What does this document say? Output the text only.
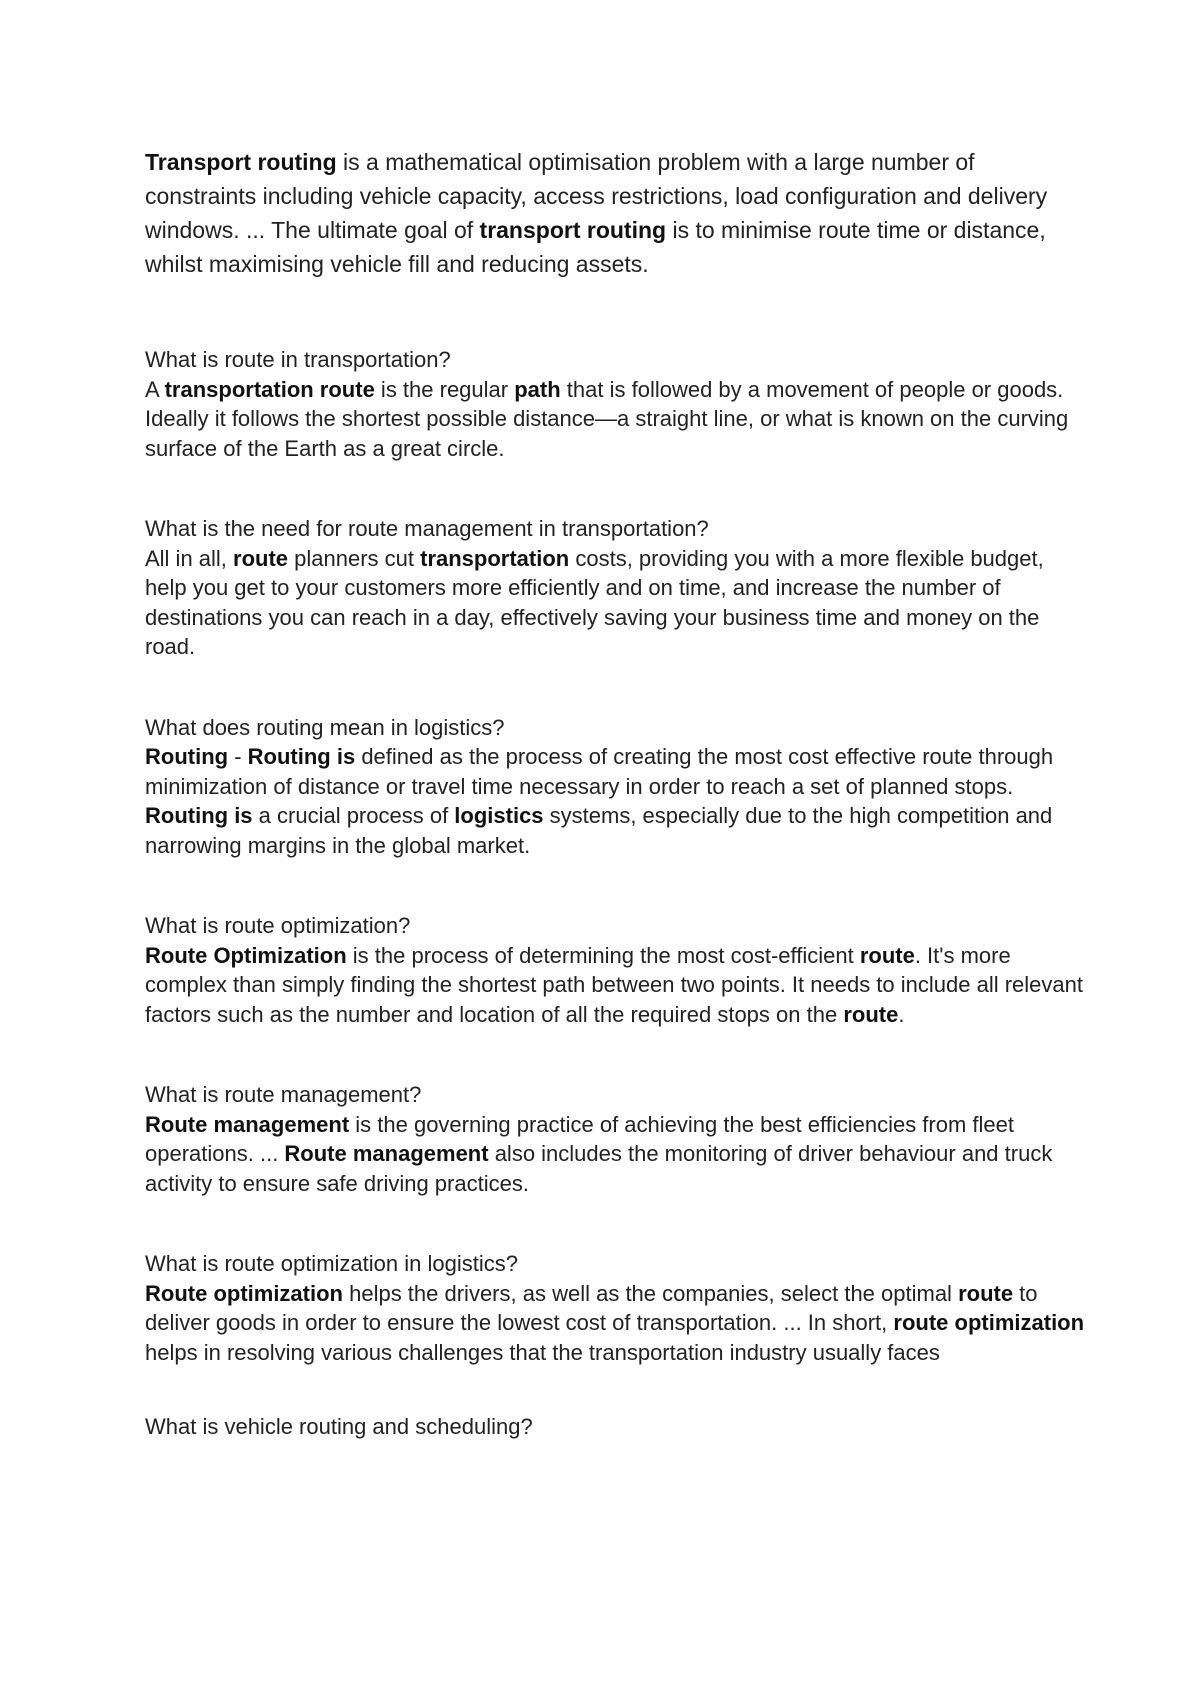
Transport routing is a mathematical optimisation problem with a large number of constraints including vehicle capacity, access restrictions, load configuration and delivery windows. ... The ultimate goal of transport routing is to minimise route time or distance, whilst maximising vehicle fill and reducing assets.

What is route in transportation?

A transportation route is the regular path that is followed by a movement of people or goods. Ideally it follows the shortest possible distance—a straight line, or what is known on the curving surface of the Earth as a great circle.

What is the need for route management in transportation?

All in all, route planners cut transportation costs, providing you with a more flexible budget, help you get to your customers more efficiently and on time, and increase the number of destinations you can reach in a day, effectively saving your business time and money on the road.

What does routing mean in logistics?

Routing - Routing is defined as the process of creating the most cost effective route through minimization of distance or travel time necessary in order to reach a set of planned stops. Routing is a crucial process of logistics systems, especially due to the high competition and narrowing margins in the global market.

What is route optimization?

Route Optimization is the process of determining the most cost-efficient route. It's more complex than simply finding the shortest path between two points. It needs to include all relevant factors such as the number and location of all the required stops on the route.

What is route management?

Route management is the governing practice of achieving the best efficiencies from fleet operations. ... Route management also includes the monitoring of driver behaviour and truck activity to ensure safe driving practices.

What is route optimization in logistics?

Route optimization helps the drivers, as well as the companies, select the optimal route to deliver goods in order to ensure the lowest cost of transportation. ... In short, route optimization helps in resolving various challenges that the transportation industry usually faces

What is vehicle routing and scheduling?
